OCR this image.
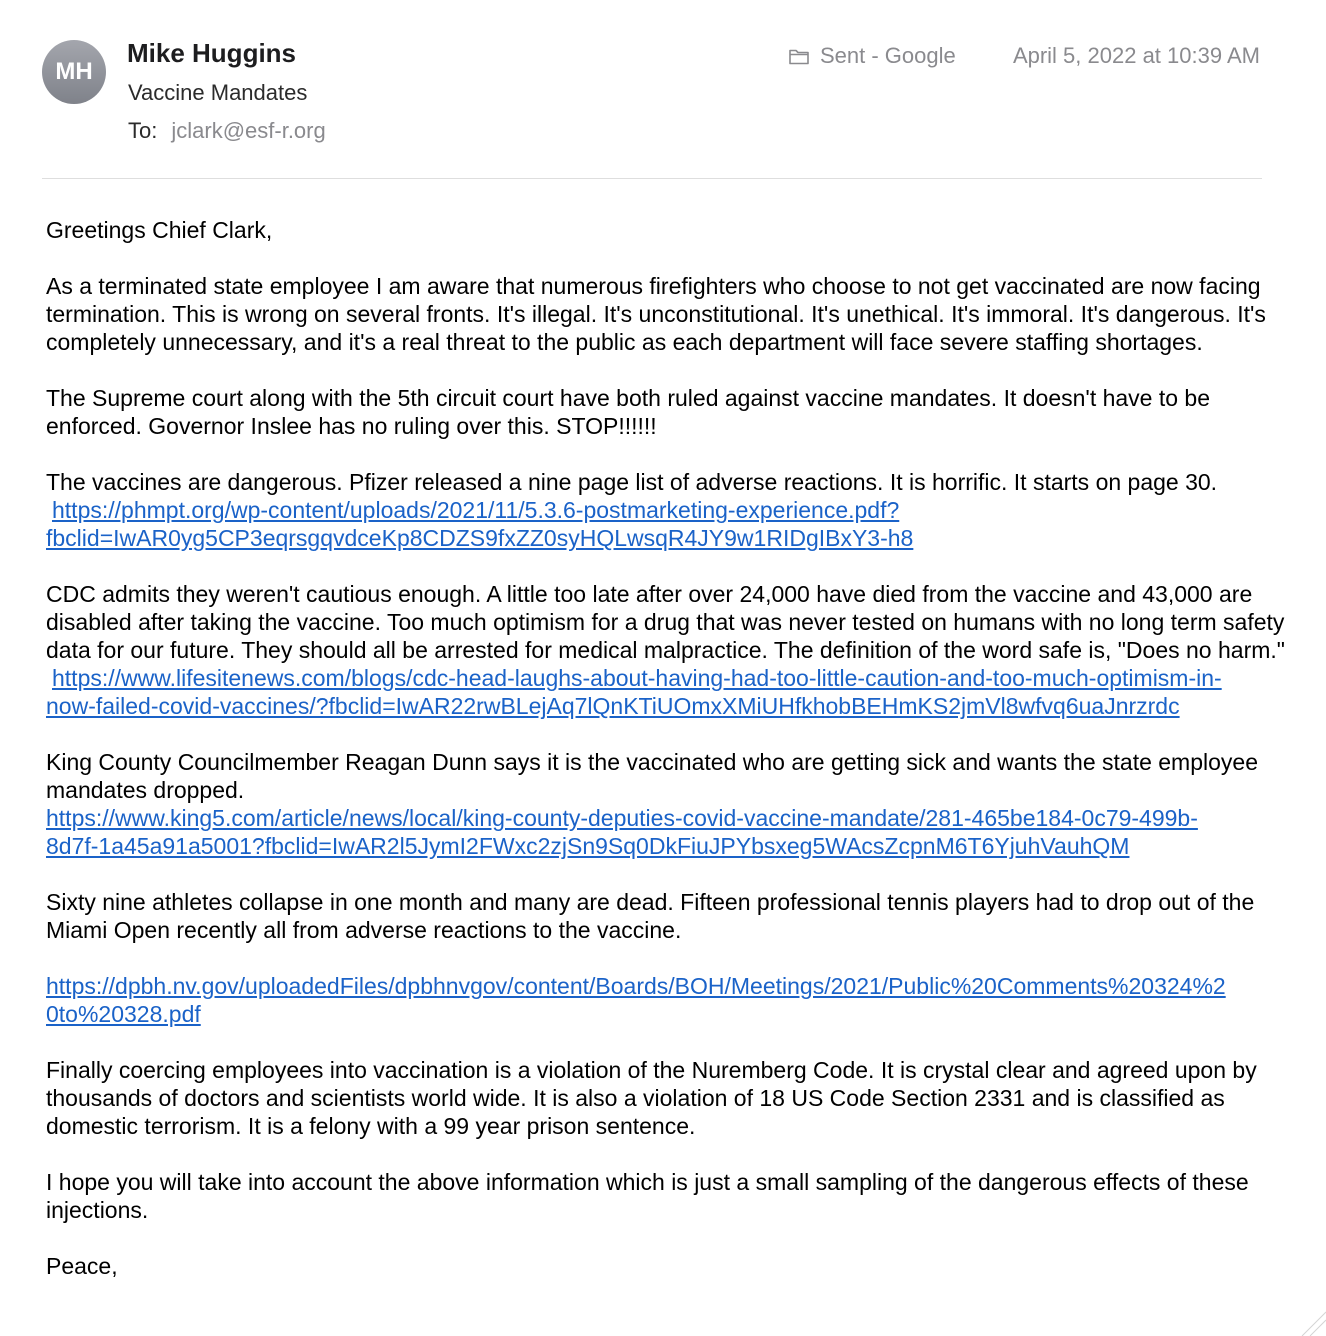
MH
Mike Huggins
Vaccine Mandates
To: jclark@esf-r.org
Sent - Google	April 5, 2022 at 10:39 AM

Greetings Chief Clark,

As a terminated state employee I am aware that numerous firefighters who choose to not get vaccinated are now facing termination. This is wrong on several fronts. It's illegal. It's unconstitutional. It's unethical. It's immoral. It's dangerous. It's completely unnecessary, and it's a real threat to the public as each department will face severe staffing shortages.

The Supreme court along with the 5th circuit court have both ruled against vaccine mandates. It doesn't have to be enforced. Governor Inslee has no ruling over this. STOP!!!!!!

The vaccines are dangerous. Pfizer released a nine page list of adverse reactions. It is horrific. It starts on page 30.

https://phmpt.org/wp-content/uploads/2021/11/5.3.6-postmarketing-experience.pdf?
fbclid=IwAR0yg5CP3eqrsgqvdceKp8CDZS9fxZZ0syHQLwsqR4JY9w1RIDgIBxY3-h8

CDC admits they weren't cautious enough. A little too late after over 24,000 have died from the vaccine and 43,000 are disabled after taking the vaccine. Too much optimism for a drug that was never tested on humans with no long term safety data for our future. They should all be arrested for medical malpractice. The definition of the word safe is, "Does no harm."

https://www.lifesitenews.com/blogs/cdc-head-laughs-about-having-had-too-little-caution-and-too-much-optimism-in-
now-failed-covid-vaccines/?fbclid=IwAR22rwBLejAq7lQnKTiUOmxXMiUHfkhobBEHmKS2jmVl8wfvq6uaJnrzrdc

King County Councilmember Reagan Dunn says it is the vaccinated who are getting sick and wants the state employee mandates dropped.

https://www.king5.com/article/news/local/king-county-deputies-covid-vaccine-mandate/281-465be184-0c79-499b-
8d7f-1a45a91a5001?fbclid=IwAR2l5JymI2FWxc2zjSn9Sq0DkFiuJPYbsxeg5WAcsZcpnM6T6YjuhVauhQM

Sixty nine athletes collapse in one month and many are dead. Fifteen professional tennis players had to drop out of the Miami Open recently all from adverse reactions to the vaccine.

https://dpbh.nv.gov/uploadedFiles/dpbhnvgov/content/Boards/BOH/Meetings/2021/Public%20Comments%20324%2
0to%20328.pdf

Finally coercing employees into vaccination is a violation of the Nuremberg Code. It is crystal clear and agreed upon by thousands of doctors and scientists world wide. It is also a violation of 18 US Code Section 2331 and is classified as domestic terrorism. It is a felony with a 99 year prison sentence.

I hope you will take into account the above information which is just a small sampling of the dangerous effects of these injections.

Peace,
